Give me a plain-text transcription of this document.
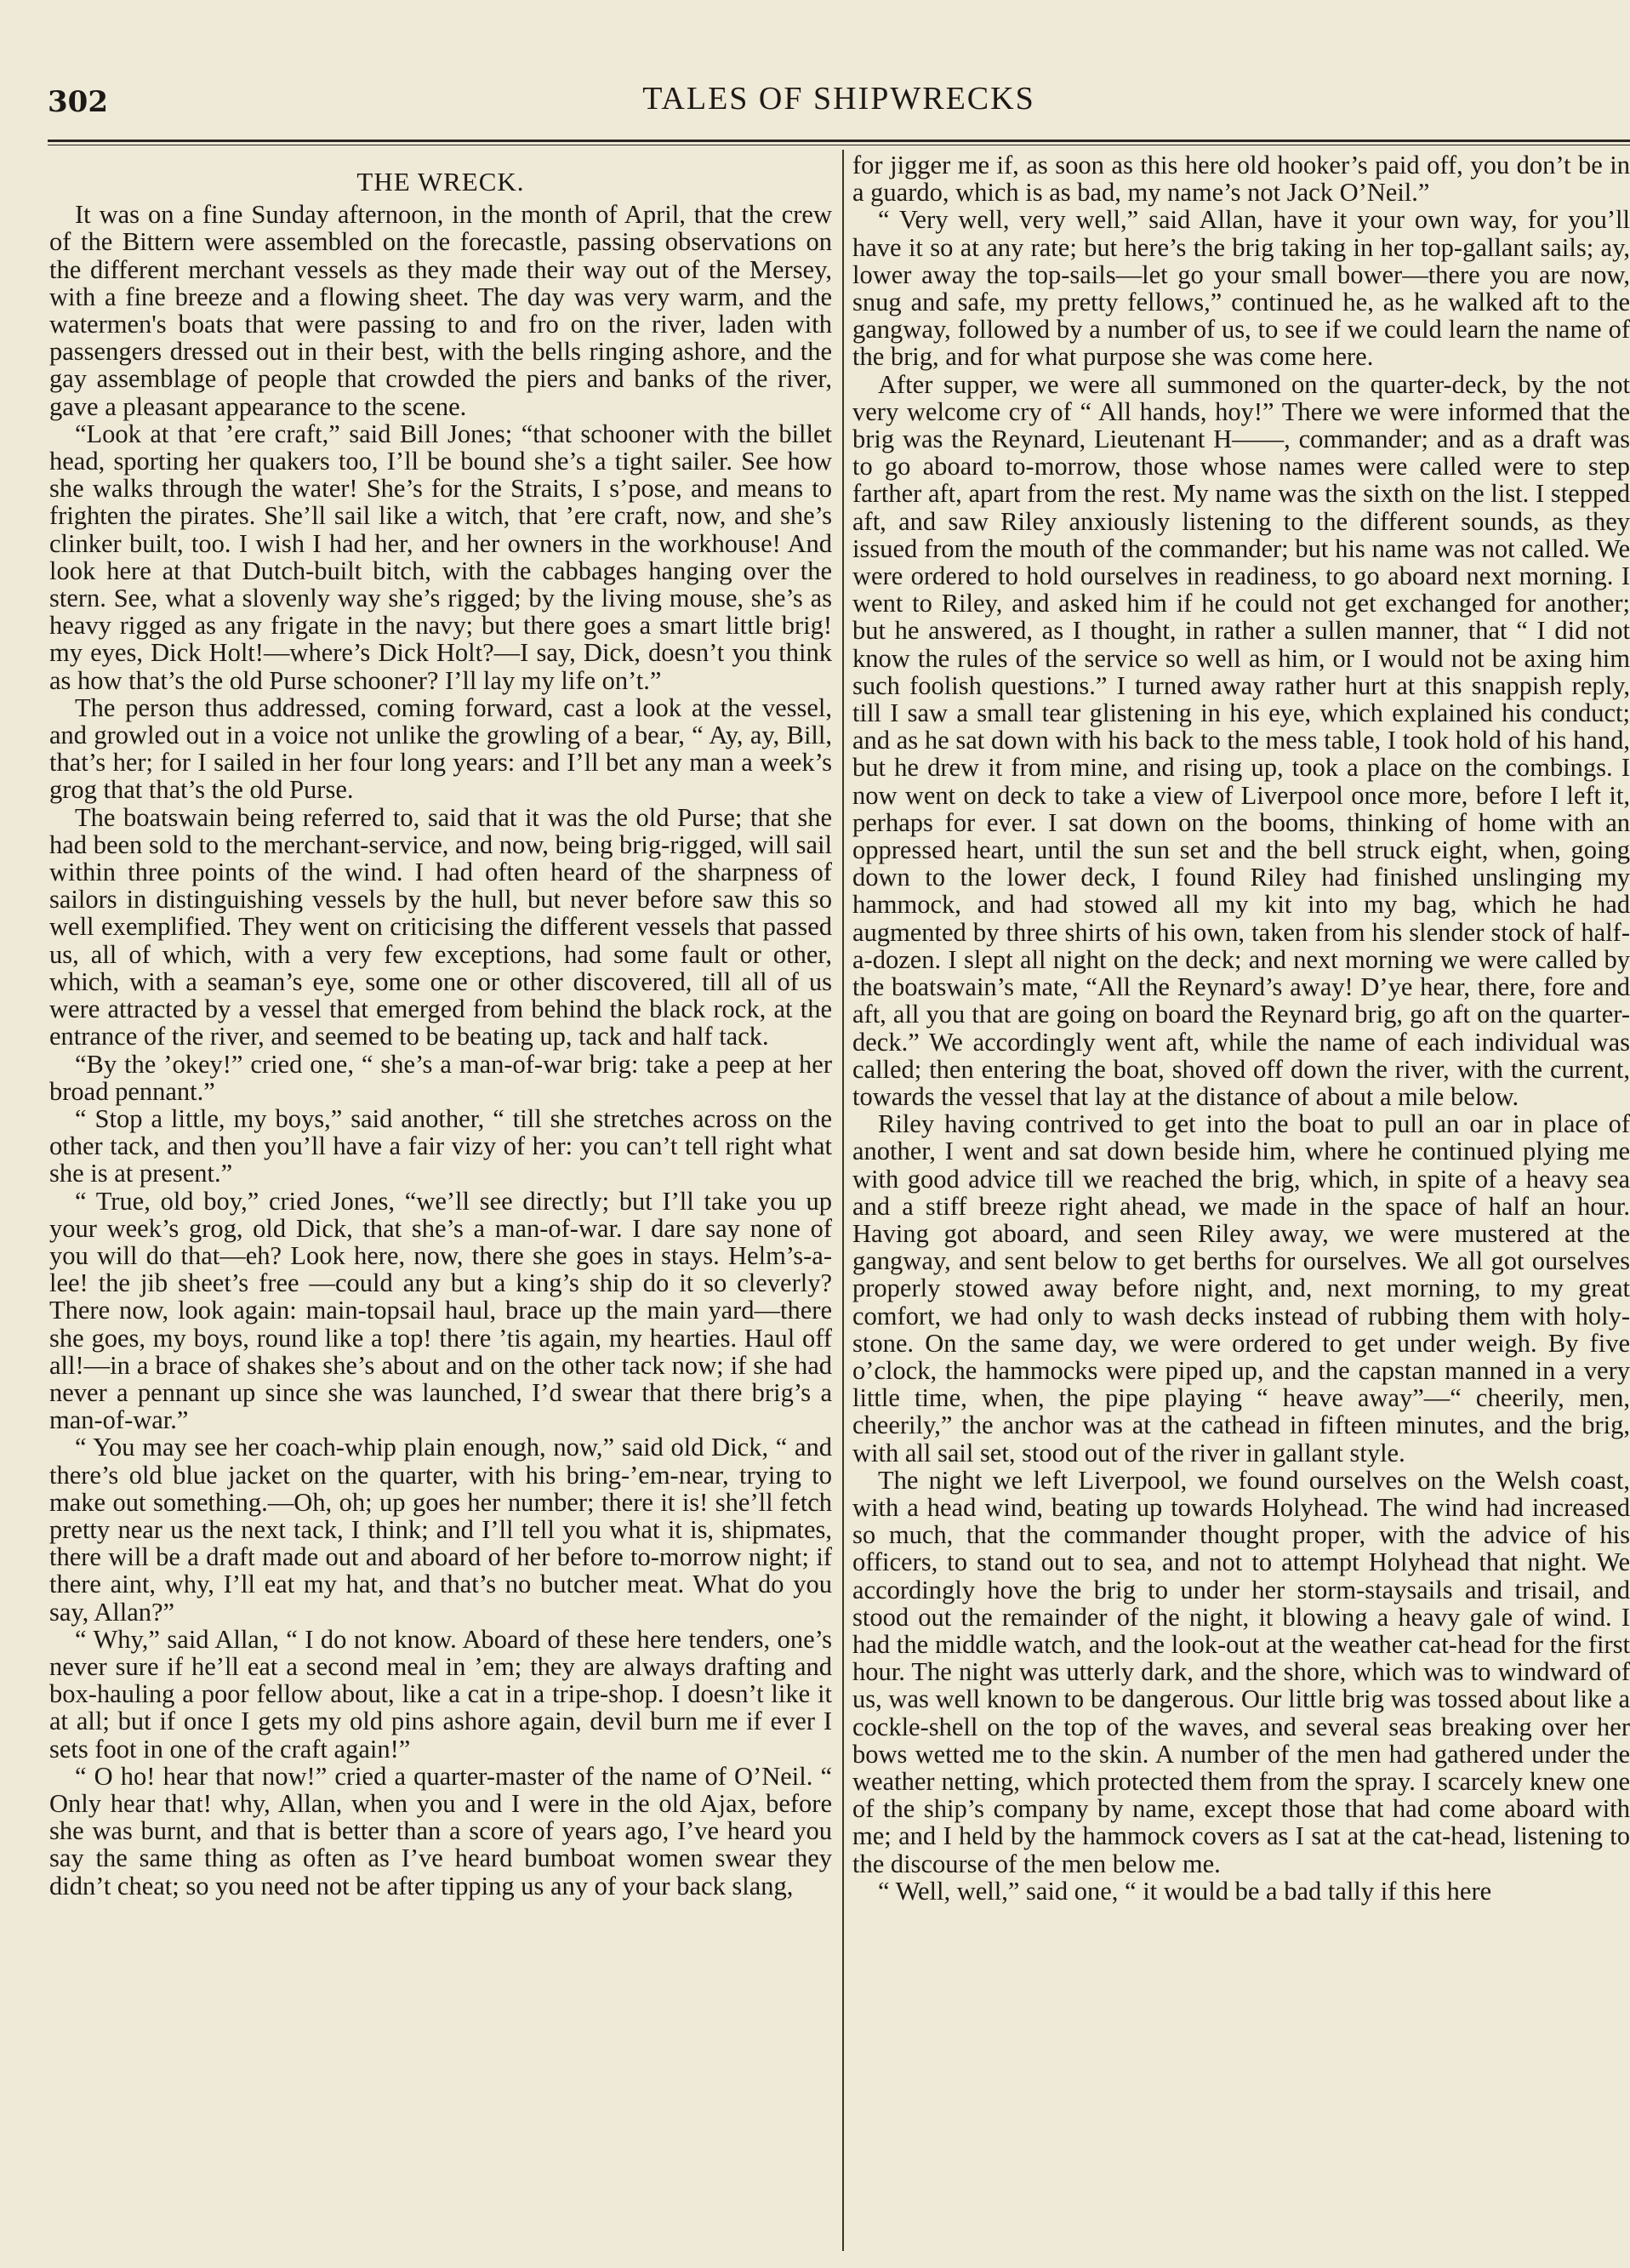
302	TALES OF SHIPWRECKS
THE WRECK.

It was on a fine Sunday afternoon, in the month of April, that the crew of the Bittern were assembled on the forecastle, passing observations on the different merchant vessels as they made their way out of the Mersey, with a fine breeze and a flowing sheet. The day was very warm, and the watermen's boats that were passing to and fro on the river, laden with passengers dressed out in their best, with the bells ringing ashore, and the gay assemblage of people that crowded the piers and banks of the river, gave a pleasant appearance to the scene.

“Look at that ’ere craft,” said Bill Jones; “that schooner with the billet head, sporting her quakers too, I’ll be bound she’s a tight sailer. See how she walks through the water! She’s for the Straits, I s’pose, and means to frighten the pirates. She’ll sail like a witch, that ’ere craft, now, and she’s clinker built, too. I wish I had her, and her owners in the workhouse! And look here at that Dutch-built bitch, with the cabbages hanging over the stern. See, what a slovenly way she’s rigged; by the living mouse, she’s as heavy rigged as any frigate in the navy; but there goes a smart little brig! my eyes, Dick Holt!—where’s Dick Holt?—I say, Dick, doesn’t you think as how that’s the old Purse schooner? I’ll lay my life on’t.”

The person thus addressed, coming forward, cast a look at the vessel, and growled out in a voice not unlike the growling of a bear, “ Ay, ay, Bill, that’s her; for I sailed in her four long years: and I’ll bet any man a week’s grog that that’s the old Purse.

The boatswain being referred to, said that it was the old Purse; that she had been sold to the merchant-service, and now, being brig-rigged, will sail within three points of the wind. I had often heard of the sharpness of sailors in distinguishing vessels by the hull, but never before saw this so well exemplified. They went on criticising the different vessels that passed us, all of which, with a very few exceptions, had some fault or other, which, with a seaman’s eye, some one or other discovered, till all of us were attracted by a vessel that emerged from behind the black rock, at the entrance of the river, and seemed to be beating up, tack and half tack.

“By the ’okey!” cried one, “ she’s a man-of-war brig: take a peep at her broad pennant.”

“ Stop a little, my boys,” said another, “ till she stretches across on the other tack, and then you’ll have a fair vizy of her: you can’t tell right what she is at present.”

“ True, old boy,” cried Jones, “we’ll see directly; but I’ll take you up your week’s grog, old Dick, that she’s a man-of-war. I dare say none of you will do that—eh? Look here, now, there she goes in stays. Helm’s-a-lee! the jib sheet’s free —could any but a king’s ship do it so cleverly? There now, look again: main-topsail haul, brace up the main yard—there she goes, my boys, round like a top! there ’tis again, my hearties. Haul off all!—in a brace of shakes she’s about and on the other tack now; if she had never a pennant up since she was launched, I’d swear that there brig’s a man-of-war.”

“ You may see her coach-whip plain enough, now,” said old Dick, “ and there’s old blue jacket on the quarter, with his bring-’em-near, trying to make out something.—Oh, oh; up goes her number; there it is! she’ll fetch pretty near us the next tack, I think; and I’ll tell you what it is, shipmates, there will be a draft made out and aboard of her before to-morrow night; if there aint, why, I’ll eat my hat, and that’s no butcher meat. What do you say, Allan?”

“ Why,” said Allan, “ I do not know. Aboard of these here tenders, one’s never sure if he’ll eat a second meal in ’em; they are always drafting and box-hauling a poor fellow about, like a cat in a tripe-shop. I doesn’t like it at all; but if once I gets my old pins ashore again, devil burn me if ever I sets foot in one of the craft again!”

“ O ho! hear that now!” cried a quarter-master of the name of O’Neil. “ Only hear that! why, Allan, when you and I were in the old Ajax, before she was burnt, and that is better than a score of years ago, I’ve heard you say the same thing as often as I’ve heard bumboat women swear they didn’t cheat; so you need not be after tipping us any of your back slang,

for jigger me if, as soon as this here old hooker’s paid off, you don’t be in a guardo, which is as bad, my name’s not Jack O’Neil.”

“ Very well, very well,” said Allan, have it your own way, for you’ll have it so at any rate; but here’s the brig taking in her top-gallant sails; ay, lower away the top-sails—let go your small bower—there you are now, snug and safe, my pretty fellows,” continued he, as he walked aft to the gangway, followed by a number of us, to see if we could learn the name of the brig, and for what purpose she was come here.

After supper, we were all summoned on the quarter-deck, by the not very welcome cry of “ All hands, hoy!” There we were informed that the brig was the Reynard, Lieutenant H——, commander; and as a draft was to go aboard to-morrow, those whose names were called were to step farther aft, apart from the rest. My name was the sixth on the list. I stepped aft, and saw Riley anxiously listening to the different sounds, as they issued from the mouth of the commander; but his name was not called. We were ordered to hold ourselves in readiness, to go aboard next morning. I went to Riley, and asked him if he could not get exchanged for another; but he answered, as I thought, in rather a sullen manner, that “ I did not know the rules of the service so well as him, or I would not be axing him such foolish questions.” I turned away rather hurt at this snappish reply, till I saw a small tear glistening in his eye, which explained his conduct; and as he sat down with his back to the mess table, I took hold of his hand, but he drew it from mine, and rising up, took a place on the combings. I now went on deck to take a view of Liverpool once more, before I left it, perhaps for ever. I sat down on the booms, thinking of home with an oppressed heart, until the sun set and the bell struck eight, when, going down to the lower deck, I found Riley had finished unslinging my hammock, and had stowed all my kit into my bag, which he had augmented by three shirts of his own, taken from his slender stock of half-a-dozen. I slept all night on the deck; and next morning we were called by the boatswain’s mate, “All the Reynard’s away! D’ye hear, there, fore and aft, all you that are going on board the Reynard brig, go aft on the quarter-deck.” We accordingly went aft, while the name of each individual was called; then entering the boat, shoved off down the river, with the current, towards the vessel that lay at the distance of about a mile below.

Riley having contrived to get into the boat to pull an oar in place of another, I went and sat down beside him, where he continued plying me with good advice till we reached the brig, which, in spite of a heavy sea and a stiff breeze right ahead, we made in the space of half an hour. Having got aboard, and seen Riley away, we were mustered at the gangway, and sent below to get berths for ourselves. We all got ourselves properly stowed away before night, and, next morning, to my great comfort, we had only to wash decks instead of rubbing them with holy-stone. On the same day, we were ordered to get under weigh. By five o’clock, the hammocks were piped up, and the capstan manned in a very little time, when, the pipe playing “ heave away”—“ cheerily, men, cheerily,” the anchor was at the cathead in fifteen minutes, and the brig, with all sail set, stood out of the river in gallant style.

The night we left Liverpool, we found ourselves on the Welsh coast, with a head wind, beating up towards Holyhead. The wind had increased so much, that the commander thought proper, with the advice of his officers, to stand out to sea, and not to attempt Holyhead that night. We accordingly hove the brig to under her storm-staysails and trisail, and stood out the remainder of the night, it blowing a heavy gale of wind. I had the middle watch, and the look-out at the weather cat-head for the first hour. The night was utterly dark, and the shore, which was to windward of us, was well known to be dangerous. Our little brig was tossed about like a cockle-shell on the top of the waves, and several seas breaking over her bows wetted me to the skin. A number of the men had gathered under the weather netting, which protected them from the spray. I scarcely knew one of the ship’s company by name, except those that had come aboard with me; and I held by the hammock covers as I sat at the cat-head, listening to the discourse of the men below me.

“ Well, well,” said one, “ it would be a bad tally if this here
